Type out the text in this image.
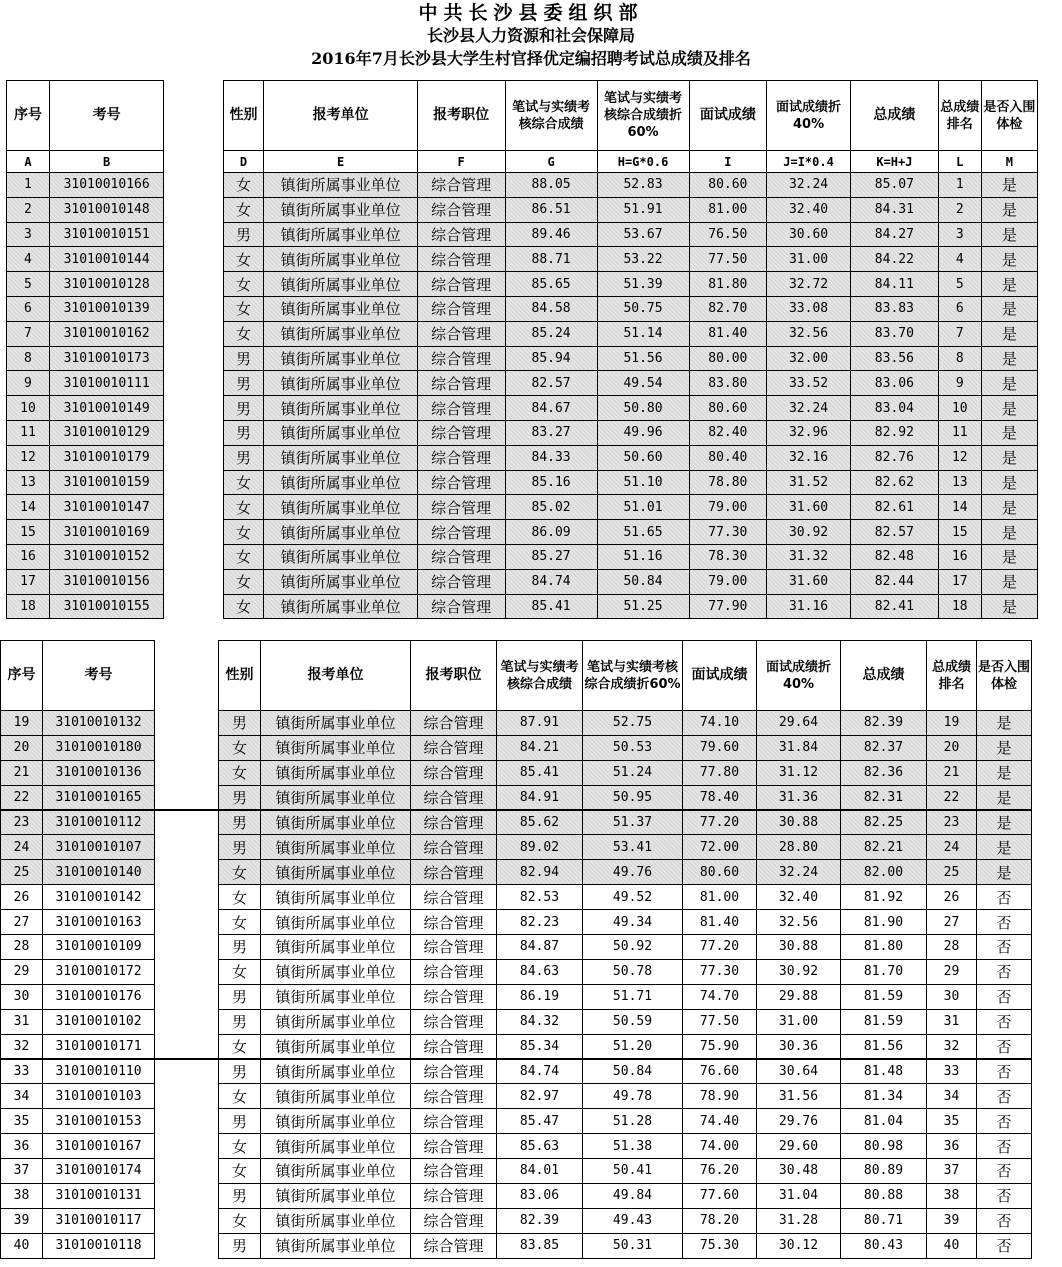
中共长沙县委组织部
长沙县人力资源和社会保障局
2016年7月长沙县大学生村官择优定编招聘考试总成绩及排名
序号	考号		性别	报考单位	报考职位	笔试与实绩考核综合成绩	笔试与实绩考核综合成绩折60%	面试成绩	面试成绩折40%	总成绩	总成绩排名	是否入围体检
A	B		D	E	F	G	H=G*0.6	I	J=I*0.4	K=H+J	L	M
1	31010010166		女	镇街所属事业单位	综合管理	88.05	52.83	80.60	32.24	85.07	1	是
2	31010010148		女	镇街所属事业单位	综合管理	86.51	51.91	81.00	32.40	84.31	2	是
3	31010010151		男	镇街所属事业单位	综合管理	89.46	53.67	76.50	30.60	84.27	3	是
4	31010010144		女	镇街所属事业单位	综合管理	88.71	53.22	77.50	31.00	84.22	4	是
5	31010010128		女	镇街所属事业单位	综合管理	85.65	51.39	81.80	32.72	84.11	5	是
6	31010010139		女	镇街所属事业单位	综合管理	84.58	50.75	82.70	33.08	83.83	6	是
7	31010010162		女	镇街所属事业单位	综合管理	85.24	51.14	81.40	32.56	83.70	7	是
8	31010010173		男	镇街所属事业单位	综合管理	85.94	51.56	80.00	32.00	83.56	8	是
9	31010010111		男	镇街所属事业单位	综合管理	82.57	49.54	83.80	33.52	83.06	9	是
10	31010010149		男	镇街所属事业单位	综合管理	84.67	50.80	80.60	32.24	83.04	10	是
11	31010010129		男	镇街所属事业单位	综合管理	83.27	49.96	82.40	32.96	82.92	11	是
12	31010010179		男	镇街所属事业单位	综合管理	84.33	50.60	80.40	32.16	82.76	12	是
13	31010010159		女	镇街所属事业单位	综合管理	85.16	51.10	78.80	31.52	82.62	13	是
14	31010010147		女	镇街所属事业单位	综合管理	85.02	51.01	79.00	31.60	82.61	14	是
15	31010010169		女	镇街所属事业单位	综合管理	86.09	51.65	77.30	30.92	82.57	15	是
16	31010010152		女	镇街所属事业单位	综合管理	85.27	51.16	78.30	31.32	82.48	16	是
17	31010010156		女	镇街所属事业单位	综合管理	84.74	50.84	79.00	31.60	82.44	17	是
18	31010010155		女	镇街所属事业单位	综合管理	85.41	51.25	77.90	31.16	82.41	18	是
序号	考号		性别	报考单位	报考职位	笔试与实绩考核综合成绩	笔试与实绩考核综合成绩折60%	面试成绩	面试成绩折40%	总成绩	总成绩排名	是否入围体检
19	31010010132		男	镇街所属事业单位	综合管理	87.91	52.75	74.10	29.64	82.39	19	是
20	31010010180		女	镇街所属事业单位	综合管理	84.21	50.53	79.60	31.84	82.37	20	是
21	31010010136		女	镇街所属事业单位	综合管理	85.41	51.24	77.80	31.12	82.36	21	是
22	31010010165		男	镇街所属事业单位	综合管理	84.91	50.95	78.40	31.36	82.31	22	是
23	31010010112		男	镇街所属事业单位	综合管理	85.62	51.37	77.20	30.88	82.25	23	是
24	31010010107		男	镇街所属事业单位	综合管理	89.02	53.41	72.00	28.80	82.21	24	是
25	31010010140		女	镇街所属事业单位	综合管理	82.94	49.76	80.60	32.24	82.00	25	是
26	31010010142		女	镇街所属事业单位	综合管理	82.53	49.52	81.00	32.40	81.92	26	否
27	31010010163		女	镇街所属事业单位	综合管理	82.23	49.34	81.40	32.56	81.90	27	否
28	31010010109		男	镇街所属事业单位	综合管理	84.87	50.92	77.20	30.88	81.80	28	否
29	31010010172		女	镇街所属事业单位	综合管理	84.63	50.78	77.30	30.92	81.70	29	否
30	31010010176		男	镇街所属事业单位	综合管理	86.19	51.71	74.70	29.88	81.59	30	否
31	31010010102		男	镇街所属事业单位	综合管理	84.32	50.59	77.50	31.00	81.59	31	否
32	31010010171		女	镇街所属事业单位	综合管理	85.34	51.20	75.90	30.36	81.56	32	否
33	31010010110		男	镇街所属事业单位	综合管理	84.74	50.84	76.60	30.64	81.48	33	否
34	31010010103		女	镇街所属事业单位	综合管理	82.97	49.78	78.90	31.56	81.34	34	否
35	31010010153		男	镇街所属事业单位	综合管理	85.47	51.28	74.40	29.76	81.04	35	否
36	31010010167		女	镇街所属事业单位	综合管理	85.63	51.38	74.00	29.60	80.98	36	否
37	31010010174		女	镇街所属事业单位	综合管理	84.01	50.41	76.20	30.48	80.89	37	否
38	31010010131		男	镇街所属事业单位	综合管理	83.06	49.84	77.60	31.04	80.88	38	否
39	31010010117		女	镇街所属事业单位	综合管理	82.39	49.43	78.20	31.28	80.71	39	否
40	31010010118		男	镇街所属事业单位	综合管理	83.85	50.31	75.30	30.12	80.43	40	否
